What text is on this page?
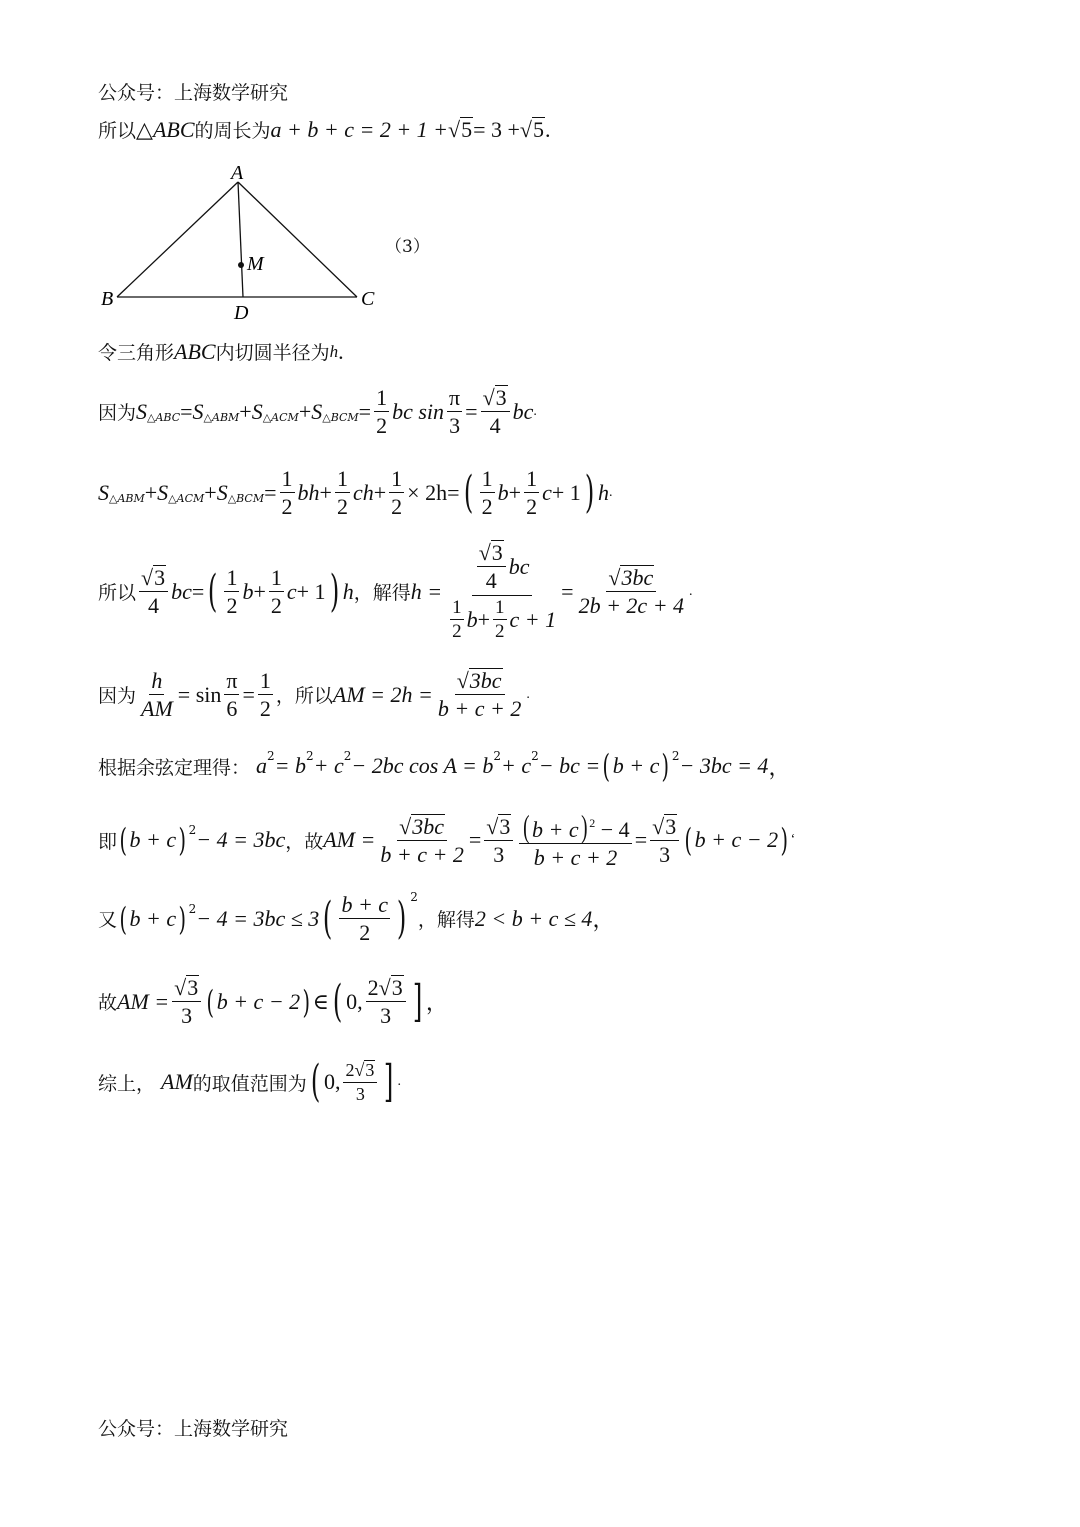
公众号：上海数学研究
所以 △ ABC 的周长为 a + b + c = 2 + 1 + √ 5 = 3 + √ 5 .
A
B	C
D
M
（3）
令三角形 ABC 内切圆半径为 h .
因为 S △ABC = S △ABM + S △ACM + S △BCM = $\frac{1}{2}$ bc $\sin \frac{\pi}{3} = \frac{√ 3}{4}$ bc .
S △ABM + S △ACM + S △BCM = $\frac{1}{2}$ bh + $\frac{1}{2}$ ch + $\frac{1}{2} \times 2h$ = ( $\frac{1}{2}$ $b + \frac{1}{2}$ c + 1 ) h .
所以 $\frac{√ 3}{4}$ bc = ( $\frac{1}{2}$ $b + \frac{1}{2}$ c + 1 ) h ，解得 $h = \frac{\frac{√ 3}{4} bc}{\frac{1}{2} b + \frac{1}{2} c + 1} = \frac{√ 3bc}{2b + 2c + 4}$ .
因为 $\frac{h}{AM} = \sin \frac{\pi}{6} = \frac{1}{2}$ ，所以 AM = $2h = \frac{√ 3bc}{b + c + 2}$ .
根据余弦定理得： a 2 = b 2 + c 2 − 2bc cos A = b 2 + c 2 − bc = ( b + c ) 2 − 3bc = 4 ，
即 ( b + c ) 2 − 4 = 3bc ，故 AM = $\frac{√ 3bc}{b + c + 2} = \frac{√ 3}{3} \frac{(b + c) ^2 - 4}{b + c + 2} = \frac{√ 3}{3}$ ( b + c − 2 ) ‘
又 ( b + c ) 2 − 4 = 3bc ≤ 3 ( $\frac{b + c}{2}$ ) 2
，解得 2 < b + c ≤ 4 ，
故 AM = $\frac{√ 3}{3}$ ( b + c − 2 ) ∈ ( 0, $\frac{2√ 3}{3}$ ] ，
综上， AM 的取值范围为 ( 0, $\frac{2√ 3}{3}$ ] .
公众号：上海数学研究
